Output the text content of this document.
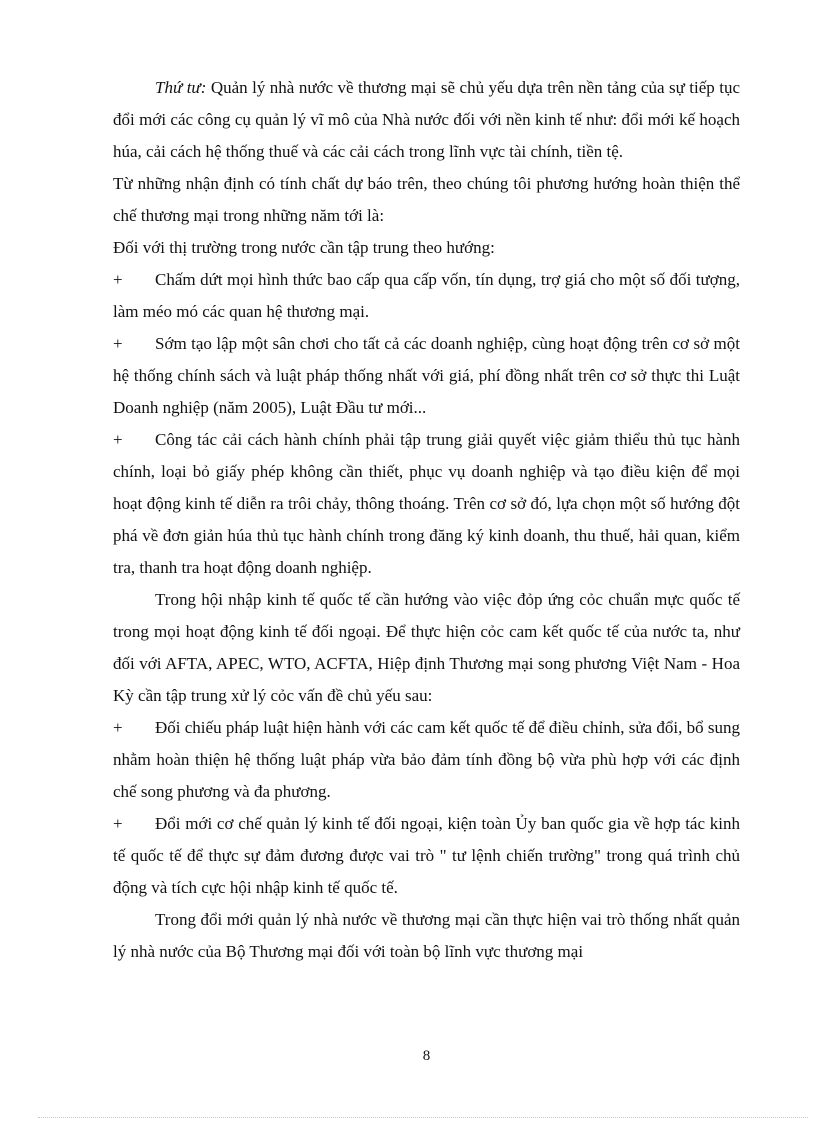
Thứ tư: Quản lý nhà nước về thương mại sẽ chủ yếu dựa trên nền tảng của sự tiếp tục đổi mới các công cụ quản lý vĩ mô của Nhà nước đối với nền kinh tế như: đổi mới kế hoạch húa, cải cách hệ thống thuế và các cải cách trong lĩnh vực tài chính, tiền tệ.
Từ những nhận định có tính chất dự báo trên, theo chúng tôi phương hướng hoàn thiện thể chế thương mại trong những năm tới là:
Đối với thị trường trong nước cần tập trung theo hướng:
+ Chấm dứt mọi hình thức bao cấp qua cấp vốn, tín dụng, trợ giá cho một số đối tượng, làm méo mó các quan hệ thương mại.
+ Sớm tạo lập một sân chơi cho tất cả các doanh nghiệp, cùng hoạt động trên cơ sở một hệ thống chính sách và luật pháp thống nhất với giá, phí đồng nhất trên cơ sở thực thi Luật Doanh nghiệp (năm 2005), Luật Đầu tư mới...
+ Công tác cải cách hành chính phải tập trung giải quyết việc giảm thiểu thủ tục hành chính, loại bỏ giấy phép không cần thiết, phục vụ doanh nghiệp và tạo điều kiện để mọi hoạt động kinh tế diễn ra trôi chảy, thông thoáng. Trên cơ sở đó, lựa chọn một số hướng đột phá về đơn giản húa thủ tục hành chính trong đăng ký kinh doanh, thu thuế, hải quan, kiểm tra, thanh tra hoạt động doanh nghiệp.
Trong hội nhập kinh tế quốc tế cần hướng vào việc đỏp ứng cỏc chuẩn mực quốc tế trong mọi hoạt động kinh tế đối ngoại. Để thực hiện cỏc cam kết quốc tế của nước ta, như đối với AFTA, APEC, WTO, ACFTA, Hiệp định Thương mại song phương Việt Nam - Hoa Kỳ cần tập trung xử lý cỏc vấn đề chủ yếu sau:
+ Đối chiếu pháp luật hiện hành với các cam kết quốc tế để điều chỉnh, sửa đổi, bổ sung nhằm hoàn thiện hệ thống luật pháp vừa bảo đảm tính đồng bộ vừa phù hợp với các định chế song phương và đa phương.
+ Đổi mới cơ chế quản lý kinh tế đối ngoại, kiện toàn Ủy ban quốc gia về hợp tác kinh tế quốc tế để thực sự đảm đương được vai trò " tư lệnh chiến trường" trong quá trình chủ động và tích cực hội nhập kinh tế quốc tế.
Trong đổi mới quản lý nhà nước về thương mại cần thực hiện vai trò thống nhất quản lý nhà nước của Bộ Thương mại đối với toàn bộ lĩnh vực thương mại
8
